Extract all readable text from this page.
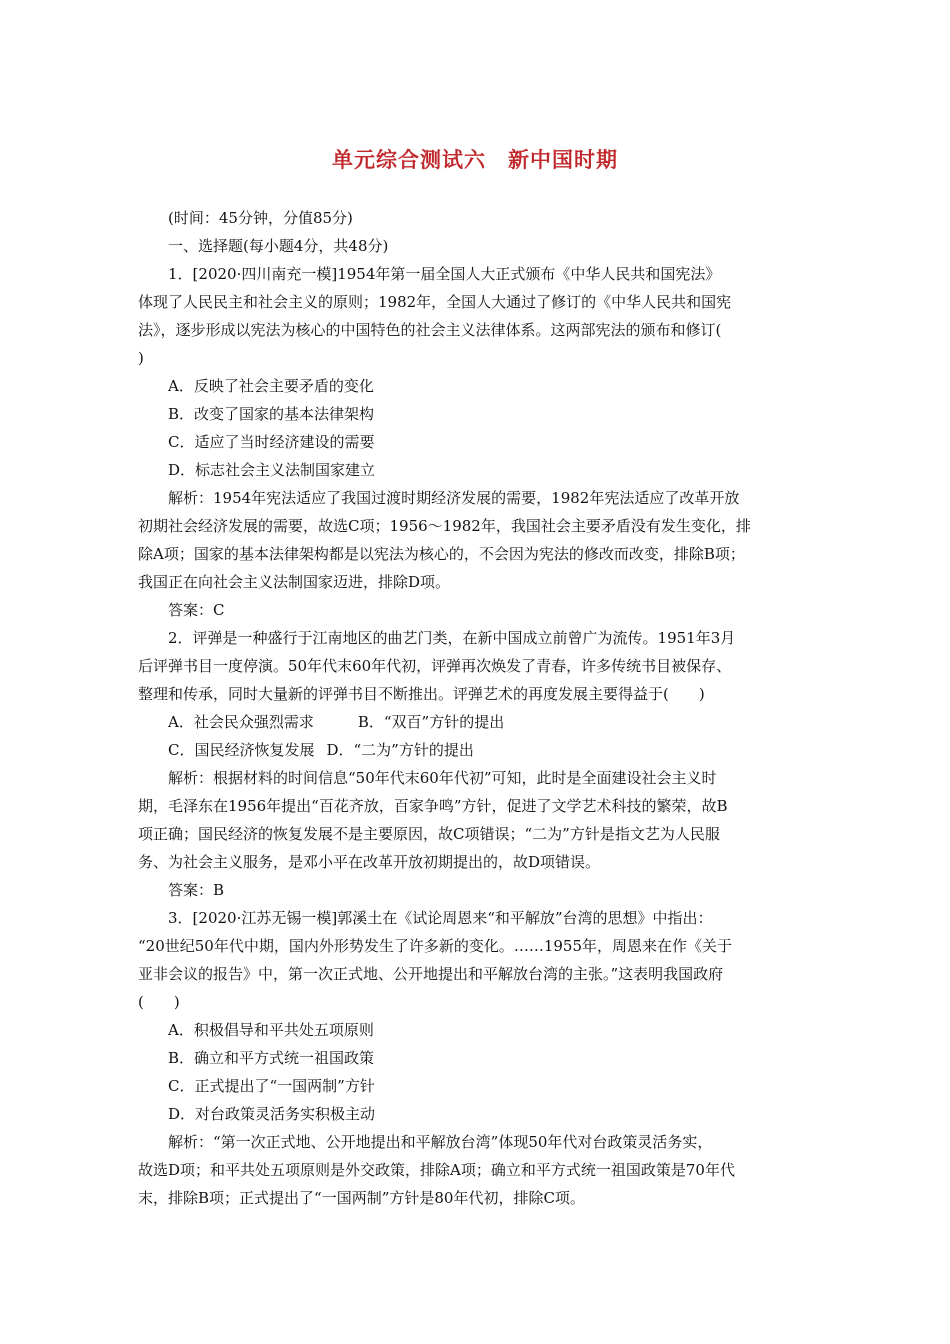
单元综合测试六 新中国时期

(时间：45分钟，分值85分)

一、选择题(每小题4分，共48分)

1．[2020·四川南充一模]1954年第一届全国人大正式颁布《中华人民共和国宪法》

体现了人民民主和社会主义的原则；1982年，全国人大通过了修订的《中华人民共和国宪

法》，逐步形成以宪法为核心的中国特色的社会主义法律体系。这两部宪法的颁布和修订(

)

A．反映了社会主要矛盾的变化

B．改变了国家的基本法律架构

C．适应了当时经济建设的需要

D．标志社会主义法制国家建立

解析：1954年宪法适应了我国过渡时期经济发展的需要，1982年宪法适应了改革开放

初期社会经济发展的需要，故选C项；1956～1982年，我国社会主要矛盾没有发生变化，排

除A项；国家的基本法律架构都是以宪法为核心的，不会因为宪法的修改而改变，排除B项；

我国正在向社会主义法制国家迈进，排除D项。

答案：C

2．评弹是一种盛行于江南地区的曲艺门类，在新中国成立前曾广为流传。1951年3月

后评弹书目一度停演。50年代末60年代初，评弹再次焕发了青春，许多传统书目被保存、

整理和传承，同时大量新的评弹书目不断推出。评弹艺术的再度发展主要得益于(　　)

A．社会民众强烈需求	B．“双百”方针的提出

C．国民经济恢复发展 D．“二为”方针的提出

解析：根据材料的时间信息“50年代末60年代初”可知，此时是全面建设社会主义时

期，毛泽东在1956年提出“百花齐放，百家争鸣”方针，促进了文学艺术科技的繁荣，故B

项正确；国民经济的恢复发展不是主要原因，故C项错误；“二为”方针是指文艺为人民服

务、为社会主义服务，是邓小平在改革开放初期提出的，故D项错误。

答案：B

3．[2020·江苏无锡一模]郭溪土在《试论周恩来“和平解放”台湾的思想》中指出：

“20世纪50年代中期，国内外形势发生了许多新的变化。……1955年，周恩来在作《关于

亚非会议的报告》中，第一次正式地、公开地提出和平解放台湾的主张。”这表明我国政府

(　　)

A．积极倡导和平共处五项原则

B．确立和平方式统一祖国政策

C．正式提出了“一国两制”方针

D．对台政策灵活务实积极主动

解析：“第一次正式地、公开地提出和平解放台湾”体现50年代对台政策灵活务实，

故选D项；和平共处五项原则是外交政策，排除A项；确立和平方式统一祖国政策是70年代

末，排除B项；正式提出了“一国两制”方针是80年代初，排除C项。
